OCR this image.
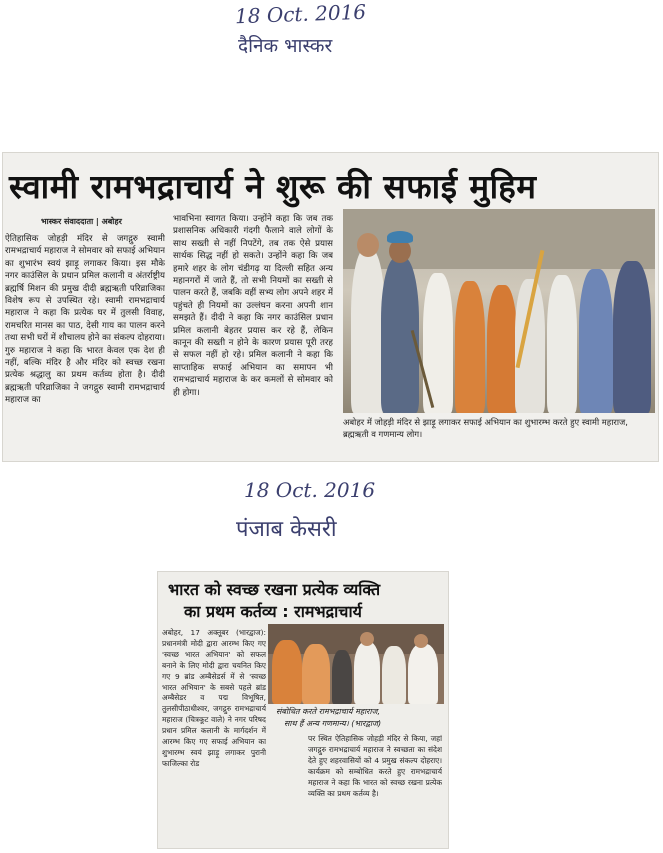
18 Oct. 2016
दैनिक भास्कर
स्वामी रामभद्राचार्य ने शुरू की सफाई मुहिम
भास्कर संवाददाता | अबोहर
ऐतिहासिक जोहड़ी मंदिर से जगद्गुरु स्वामी रामभद्राचार्य महाराज ने सोमवार को सफाई अभियान का शुभारंभ स्वयं झाड़ू लगाकर किया। इस मौके नगर काउंसिल के प्रधान प्रमिल कलानी व अंतर्राष्ट्रीय ब्रह्मर्षि मिशन की प्रमुख दीदी ब्रह्मऋती परिव्राजिका विशेष रूप से उपस्थित रहे। स्वामी रामभद्राचार्य महाराज ने कहा कि प्रत्येक घर में तुलसी विवाह, रामचरित मानस का पाठ, देसी गाय का पालन करने तथा सभी घरों में शौचालय होने का संकल्प दोहराया। गुरु महाराज ने कहा कि भारत केवल एक देश ही नहीं, बल्कि मंदिर है और मंदिर को स्वच्छ रखना प्रत्येक श्रद्धालु का प्रथम कर्तव्य होता है। दीदी ब्रह्मऋती परिव्राजिका ने जगद्गुरु स्वामी रामभद्राचार्य महाराज का
भावभिना स्वागत किया। उन्होंने कहा कि जब तक प्रशासनिक अधिकारी गंदगी फैलाने वाले लोगों के साथ सख्ती से नहीं निपटेंगे, तब तक ऐसे प्रयास सार्थक सिद्ध नहीं हो सकते। उन्होंने कहा कि जब हमारे शहर के लोग चंडीगढ़ या दिल्ली सहित अन्य महानगरों में जाते हैं, तो सभी नियमों का सख्ती से पालन करते हैं, जबकि वहीं सभ्य लोग अपने शहर में पहुंचते ही नियमों का उल्लंघन करना अपनी शान समझते हैं। दीदी ने कहा कि नगर काउंसिल प्रधान प्रमिल कलानी बेहतर प्रयास कर रहे हैं, लेकिन कानून की सख्ती न होने के कारण प्रयास पूरी तरह से सफल नहीं हो रहे। प्रमिल कलानी ने कहा कि साप्ताहिक सफाई अभियान का समापन भी रामभद्राचार्य महाराज के कर कमलों से सोमवार को ही होगा।
अबोहर में जोहड़ी मंदिर से झाड़ू लगाकर सफाई अभियान का शुभारम्भ करते हुए स्वामी महाराज, ब्रह्मऋती व गणमान्य लोग।
18 Oct. 2016
पंजाब केसरी
भारत को स्वच्छ रखना प्रत्येक व्यक्ति
का प्रथम कर्तव्य : रामभद्राचार्य
अबोहर, 17 अक्तूबर (भारद्वाज): प्रधानमंत्री मोदी द्वारा आरम्भ किए गए 'स्वच्छ भारत अभियान' को सफल बनाने के लिए मोदी द्वारा चयनित किए गए 9 ब्रांड अम्बैसेडर्स में से 'स्वच्छ भारत अभियान' के सबसे पहले ब्रांड अम्बैसेडर व पद्म विभूषित, तुलसीपीठाधीश्वर, जगद्गुरु रामभद्राचार्य महाराज (चित्रकूट वाले) ने नगर परिषद प्रधान प्रमिल कलानी के मार्गदर्शन में आरम्भ किए गए सफाई अभियान का शुभारम्भ स्वयं झाड़ू लगाकर पुरानी फाजिल्का रोड
संबोधित करते रामभद्राचार्य महाराज,
साथ हैं अन्य गणमान्य। (भारद्वाज)
पर स्थित ऐतिहासिक जोहड़ी मंदिर से किया, जहां जगद्गुरु रामभद्राचार्य महाराज ने स्वच्छता का संदेश देते हुए शहरवासियों को 4 प्रमुख संकल्प दोहराए। कार्यक्रम को सम्बोधित करते हुए रामभद्राचार्य महाराज ने कहा कि भारत को स्वच्छ रखना प्रत्येक व्यक्ति का प्रथम कर्तव्य है।
